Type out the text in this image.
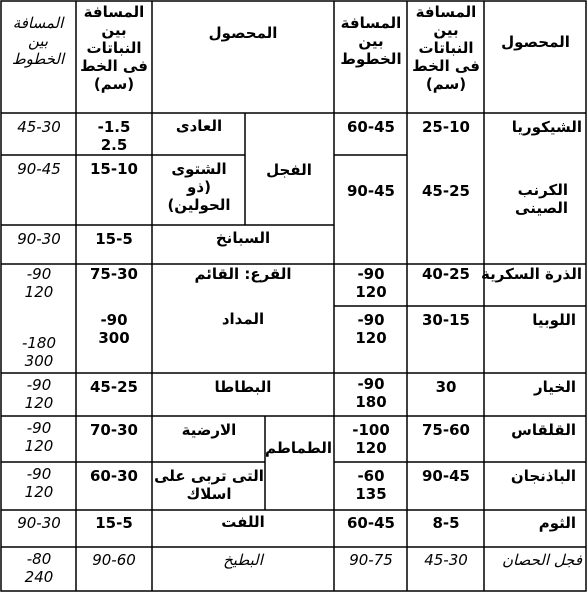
المسافة
بين
الخطوط
المسافة
بين
النباتات
فى الخط
(سم)
المحصول
المسافة
بين
الخطوط
المسافة
بين
النباتات
فى الخط
(سم)
المحصول
الشيكوريا
25-10
60-45
الكرنب
الصينى
45-25
90-45
الذرة السكرية
40-25
-90
120
اللوبيا
30-15
-90
120
الخيار
30
-90
180
القلقاس
75-60
-100
120
الباذنجان
90-45
-60
135
الثوم
8-5
60-45
فجل الحصان
45-30
90-75
الفجل
العادى
-1.5
2.5
45-30
الشتوى
(ذو
الحولين)
15-10
90-45
السبانخ
15-5
90-30
القرع: القائم
75-30
-90
120
المداد
-90
300
-180
300
البطاطا
45-25
-90
120
الطماطم
الارضية
70-30
-90
120
التى تربى على
اسلاك
60-30
-90
120
اللفت
15-5
90-30
البطيخ
90-60
-80
240
